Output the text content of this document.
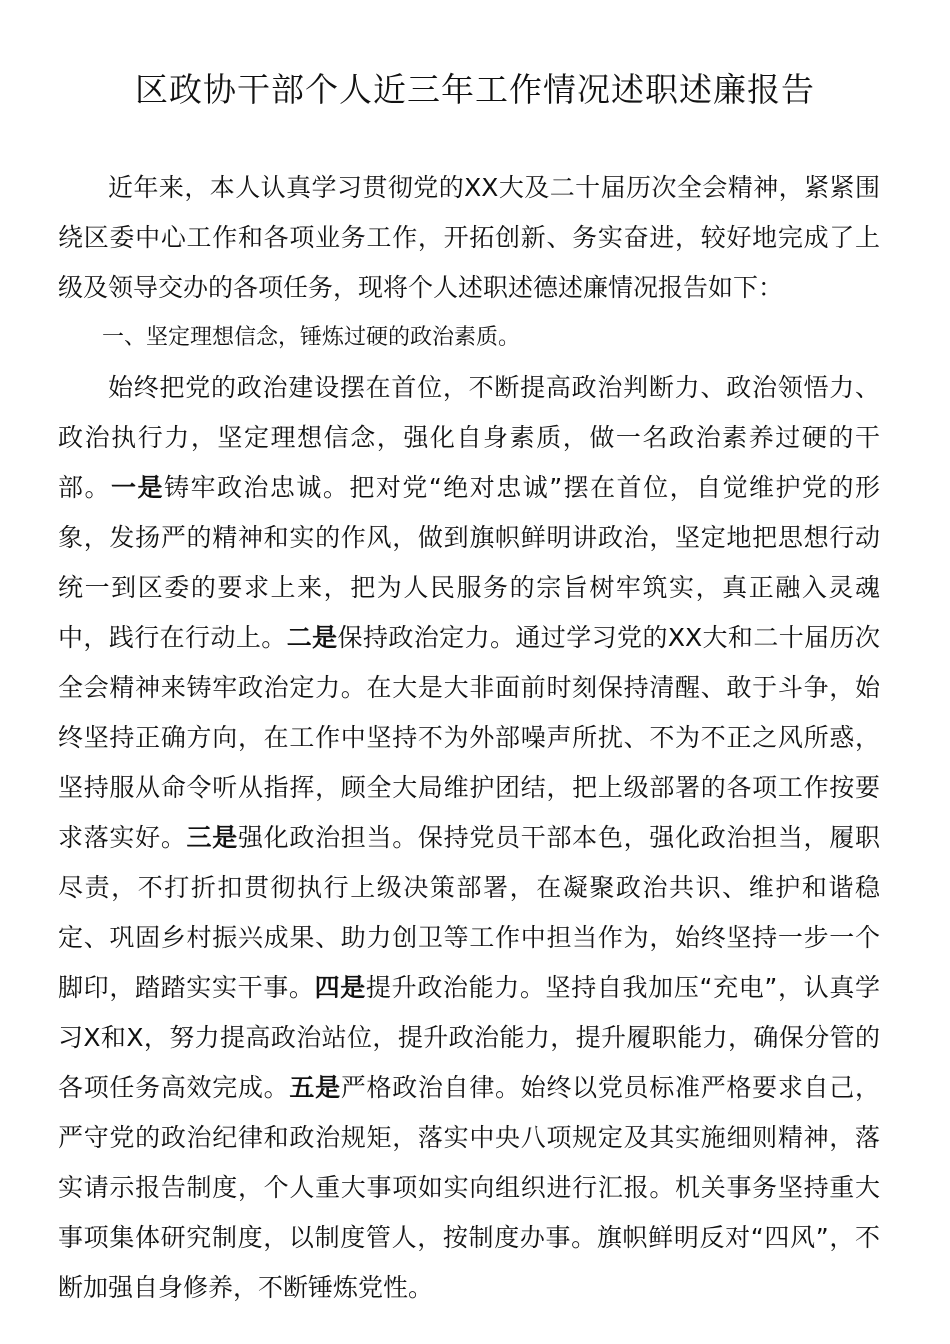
区政协干部个人近三年工作情况述职述廉报告

近年来，本人认真学习贯彻党的XX大及二十届历次全会精神，紧紧围绕区委中心工作和各项业务工作，开拓创新、务实奋进，较好地完成了上级及领导交办的各项任务，现将个人述职述德述廉情况报告如下：

一、坚定理想信念，锤炼过硬的政治素质。

始终把党的政治建设摆在首位，不断提高政治判断力、政治领悟力、政治执行力，坚定理想信念，强化自身素质，做一名政治素养过硬的干部。一是铸牢政治忠诚。把对党“绝对忠诚”摆在首位，自觉维护党的形象，发扬严的精神和实的作风，做到旗帜鲜明讲政治，坚定地把思想行动统一到区委的要求上来，把为人民服务的宗旨树牢筑实，真正融入灵魂中，践行在行动上。二是保持政治定力。通过学习党的XX大和二十届历次全会精神来铸牢政治定力。在大是大非面前时刻保持清醒、敢于斗争，始终坚持正确方向，在工作中坚持不为外部噪声所扰、不为不正之风所惑，坚持服从命令听从指挥，顾全大局维护团结，把上级部署的各项工作按要求落实好。三是强化政治担当。保持党员干部本色，强化政治担当，履职尽责，不打折扣贯彻执行上级决策部署，在凝聚政治共识、维护和谐稳定、巩固乡村振兴成果、助力创卫等工作中担当作为，始终坚持一步一个脚印，踏踏实实干事。四是提升政治能力。坚持自我加压“充电”，认真学习X和X，努力提高政治站位，提升政治能力，提升履职能力，确保分管的各项任务高效完成。五是严格政治自律。始终以党员标准严格要求自己，严守党的政治纪律和政治规矩，落实中央八项规定及其实施细则精神，落实请示报告制度，个人重大事项如实向组织进行汇报。机关事务坚持重大事项集体研究制度，以制度管人，按制度办事。旗帜鲜明反对“四风”，不断加强自身修养，不断锤炼党性。
